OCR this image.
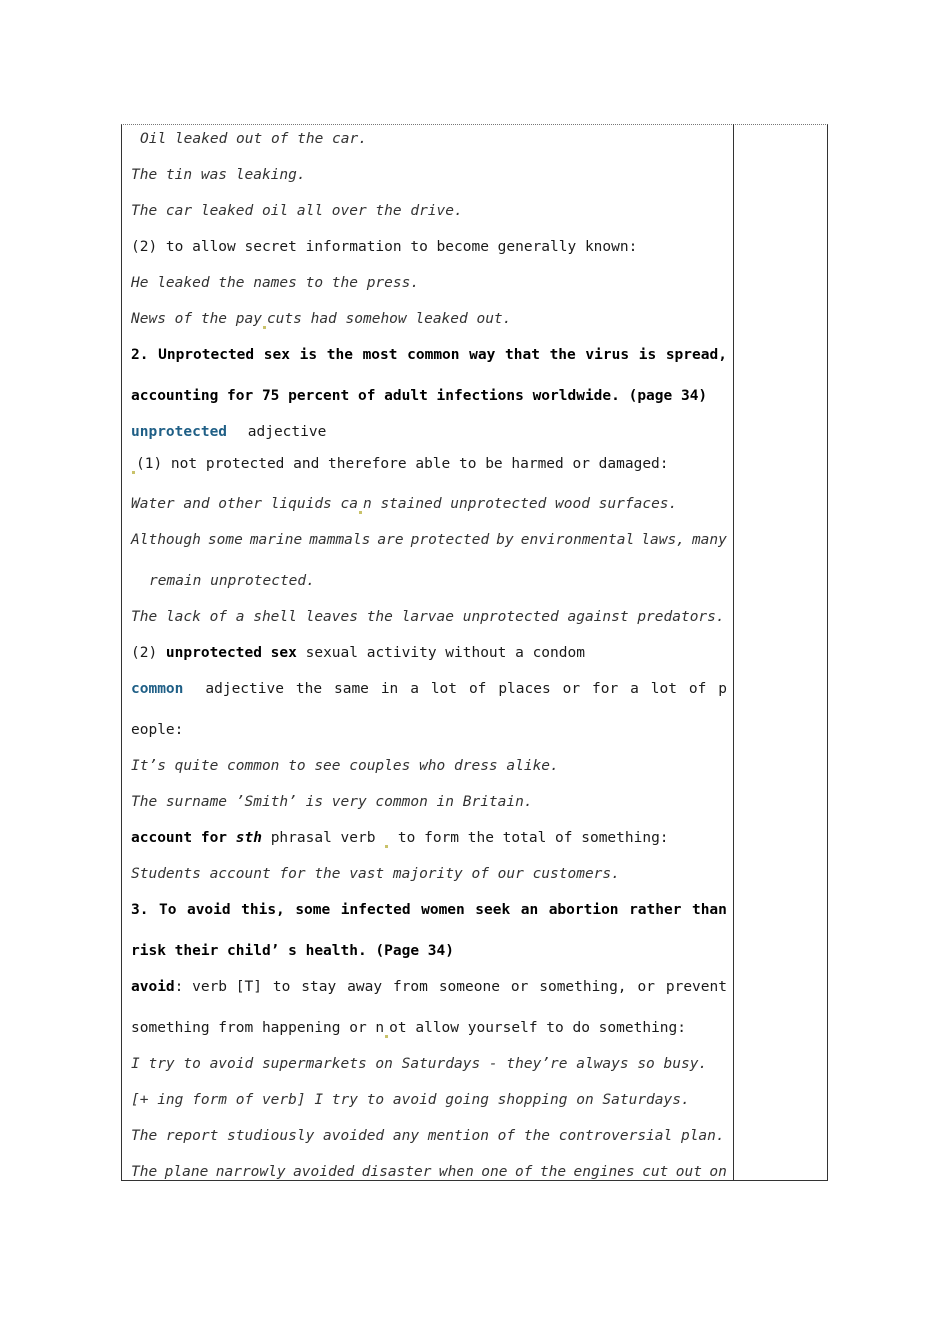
Oil leaked out of the car.
The tin was leaking.
The car leaked oil all over the drive.
(2) to allow secret information to become generally known:
He leaked the names to the press.
News of the pay cuts had somehow leaked out.
2. Unprotected sex is the most common way that the virus is spread,
accounting for 75 percent of adult infections worldwide. (page 34)
unprotected adjective
(1) not protected and therefore able to be harmed or damaged:
Water and other liquids ca n stained unprotected wood surfaces.
Although some marine mammals are protected by environmental laws, many
remain unprotected.
The lack of a shell leaves the larvae unprotected against predators.
(2) unprotected sex sexual activity without a condom
common adjective the same in a lot of places or for a lot of p
eople:
It’s quite common to see couples who dress alike.
The surname ’Smith’ is very common in Britain.
account for sth phrasal verb  to form the total of something:
Students account for the vast majority of our customers.
3. To avoid this, some infected women seek an abortion rather than
risk their child’ s health. (Page 34)
avoid : verb [T] to stay away from someone or something, or prevent
something from happening or n ot allow yourself to do something:
I try to avoid supermarkets on Saturdays - they’re always so busy.
[+ ing form of verb] I try to avoid going shopping on Saturdays.
The report studiously avoided any mention of the controversial plan.
The plane narrowly avoided disaster when one of the engines cut out on
